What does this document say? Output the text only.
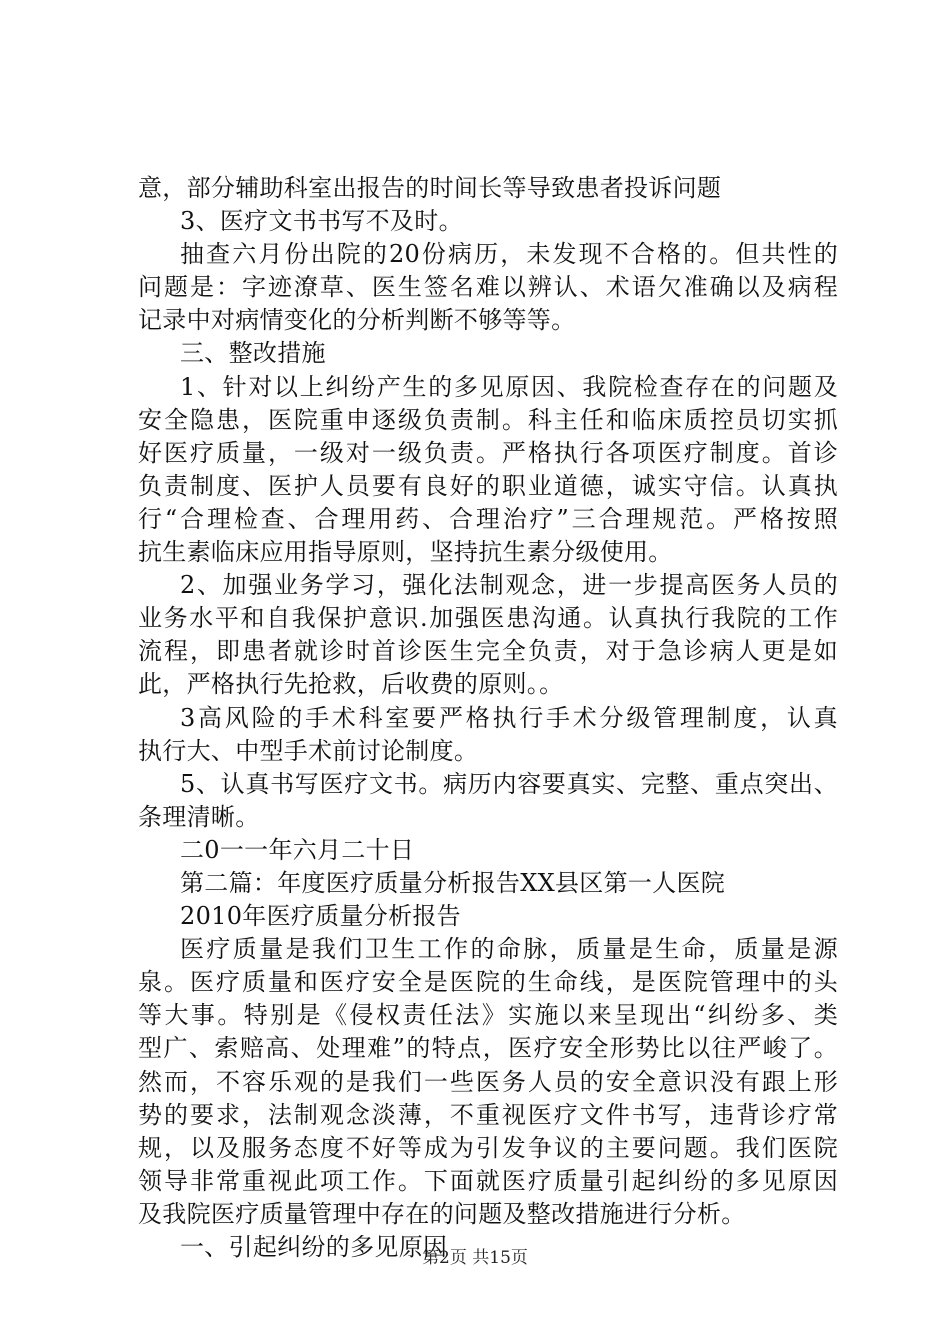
意，部分辅助科室出报告的时间长等导致患者投诉问题
3、医疗文书书写不及时。
抽查六月份出院的20份病历，未发现不合格的。但共性的
问题是：字迹潦草、医生签名难以辨认、术语欠准确以及病程
记录中对病情变化的分析判断不够等等。
三、整改措施
1、针对以上纠纷产生的多见原因、我院检查存在的问题及
安全隐患，医院重申逐级负责制。科主任和临床质控员切实抓
好医疗质量，一级对一级负责。严格执行各项医疗制度。首诊
负责制度、医护人员要有良好的职业道德，诚实守信。认真执
行“合理检查、合理用药、合理治疗”三合理规范。严格按照
抗生素临床应用指导原则，坚持抗生素分级使用。
2、加强业务学习，强化法制观念，进一步提高医务人员的
业务水平和自我保护意识.加强医患沟通。认真执行我院的工作
流程，即患者就诊时首诊医生完全负责，对于急诊病人更是如
此，严格执行先抢救，后收费的原则。。
3高风险的手术科室要严格执行手术分级管理制度，认真
执行大、中型手术前讨论制度。
5、认真书写医疗文书。病历内容要真实、完整、重点突出、
条理清晰。
二0一一年六月二十日
第二篇：年度医疗质量分析报告XX县区第一人医院
2010年医疗质量分析报告
医疗质量是我们卫生工作的命脉，质量是生命，质量是源
泉。医疗质量和医疗安全是医院的生命线，是医院管理中的头
等大事。特别是《侵权责任法》实施以来呈现出“纠纷多、类
型广、索赔高、处理难”的特点，医疗安全形势比以往严峻了。
然而，不容乐观的是我们一些医务人员的安全意识没有跟上形
势的要求，法制观念淡薄，不重视医疗文件书写，违背诊疗常
规，以及服务态度不好等成为引发争议的主要问题。我们医院
领导非常重视此项工作。下面就医疗质量引起纠纷的多见原因
及我院医疗质量管理中存在的问题及整改措施进行分析。
一、引起纠纷的多见原因
第2页 共15页
